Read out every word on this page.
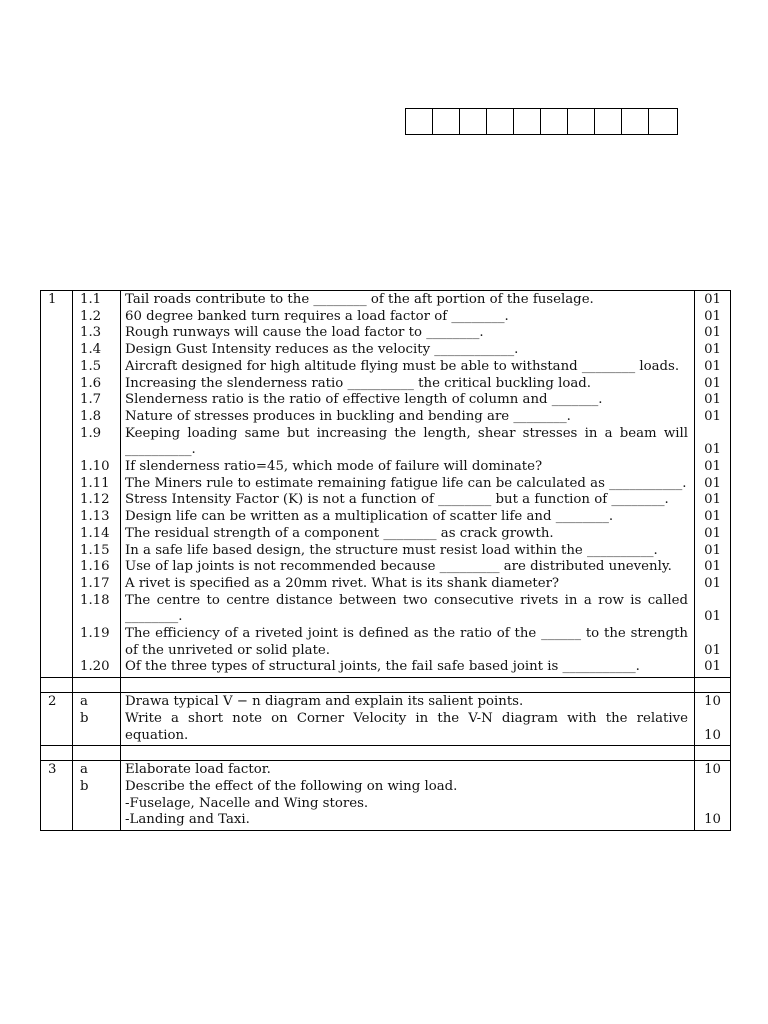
1	1.1	Tail roads contribute to the ________ of the aft portion of the fuselage.	01
	1.2	60 degree banked turn requires a load factor of ________.	01
	1.3	Rough runways will cause the load factor to ________.	01
	1.4	Design Gust Intensity reduces as the velocity ____________.	01
	1.5	Aircraft designed for high altitude flying must be able to withstand ________ loads.	01
	1.6	Increasing the slenderness ratio __________ the critical buckling load.	01
	1.7	Slenderness ratio is the ratio of effective length of column and _______.	01
	1.8	Nature of stresses produces in buckling and bending are ________.	01
	1.9	Keeping loading same but increasing the length, shear stresses in a beam will __________.	01
	1.10	If slenderness ratio=45, which mode of failure will dominate?	01
	1.11	The Miners rule to estimate remaining fatigue life can be calculated as ___________.	01
	1.12	Stress Intensity Factor (K) is not a function of ________ but a function of ________.	01
	1.13	Design life can be written as a multiplication of scatter life and ________.	01
	1.14	The residual strength of a component ________ as crack growth.	01
	1.15	In a safe life based design, the structure must resist load within the __________.	01
	1.16	Use of lap joints is not recommended because _________ are distributed unevenly.	01
	1.17	A rivet is specified as a 20mm rivet. What is its shank diameter?	01
	1.18	The centre to centre distance between two consecutive rivets in a row is called ________.	01
	1.19	The efficiency of a riveted joint is defined as the ratio of the ______ to the strength of the unriveted or solid plate.	01
	1.20	Of the three types of structural joints, the fail safe based joint is ___________.	01

2	a	Drawa typical V − n diagram and explain its salient points.	10
	b	Write a short note on Corner Velocity in the V-N diagram with the relative equation.	10

3	a	Elaborate load factor.	10
	b	Describe the effect of the following on wing load.
-Fuselage, Nacelle and Wing stores.
-Landing and Taxi.	10
